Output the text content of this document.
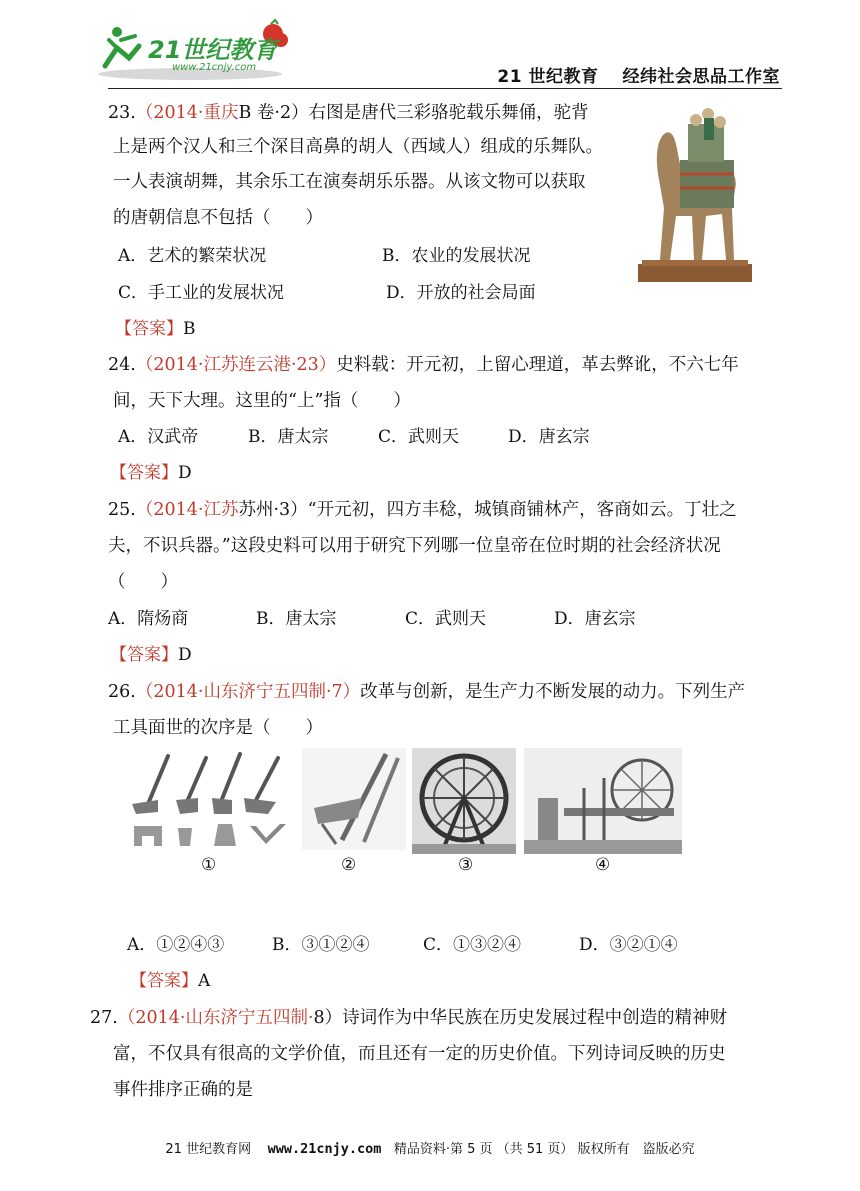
21世纪教育
www.21cnjy.com	21 世纪教育 经纬社会思品工作室
23.（2014·重庆B 卷·2）右图是唐代三彩骆驼载乐舞俑，驼背
上是两个汉人和三个深目高鼻的胡人（西域人）组成的乐舞队。
一人表演胡舞，其余乐工在演奏胡乐乐器。从该文物可以获取
的唐朝信息不包括（　　）
A．艺术的繁荣状况	B．农业的发展状况
C．手工业的发展状况	D．开放的社会局面
【答案】B
24.（2014·江苏连云港·23）史料载：开元初，上留心理道，革去弊讹，不六七年
间，天下大理。这里的“上”指（　　）
A．汉武帝	B．唐太宗	C．武则天	D．唐玄宗
【答案】D
25.（2014·江苏苏州·3）“开元初，四方丰稔，城镇商铺林产，客商如云。丁壮之
夫，不识兵器。”这段史料可以用于研究下列哪一位皇帝在位时期的社会经济状况
（　　）
A．隋炀商	B．唐太宗	C．武则天	D．唐玄宗
【答案】D
26.（2014·山东济宁五四制·7）改革与创新，是生产力不断发展的动力。下列生产
工具面世的次序是（　　）
①	②	③	④
A．①②④③	B．③①②④	C．①③②④	D．③②①④
【答案】A
27.（2014·山东济宁五四制·8）诗词作为中华民族在历史发展过程中创造的精神财
富，不仅具有很高的文学价值，而且还有一定的历史价值。下列诗词反映的历史
事件排序正确的是
21 世纪教育网 www.21cnjy.com 精品资料·第 5 页 （共 51 页） 版权所有　盗版必究
